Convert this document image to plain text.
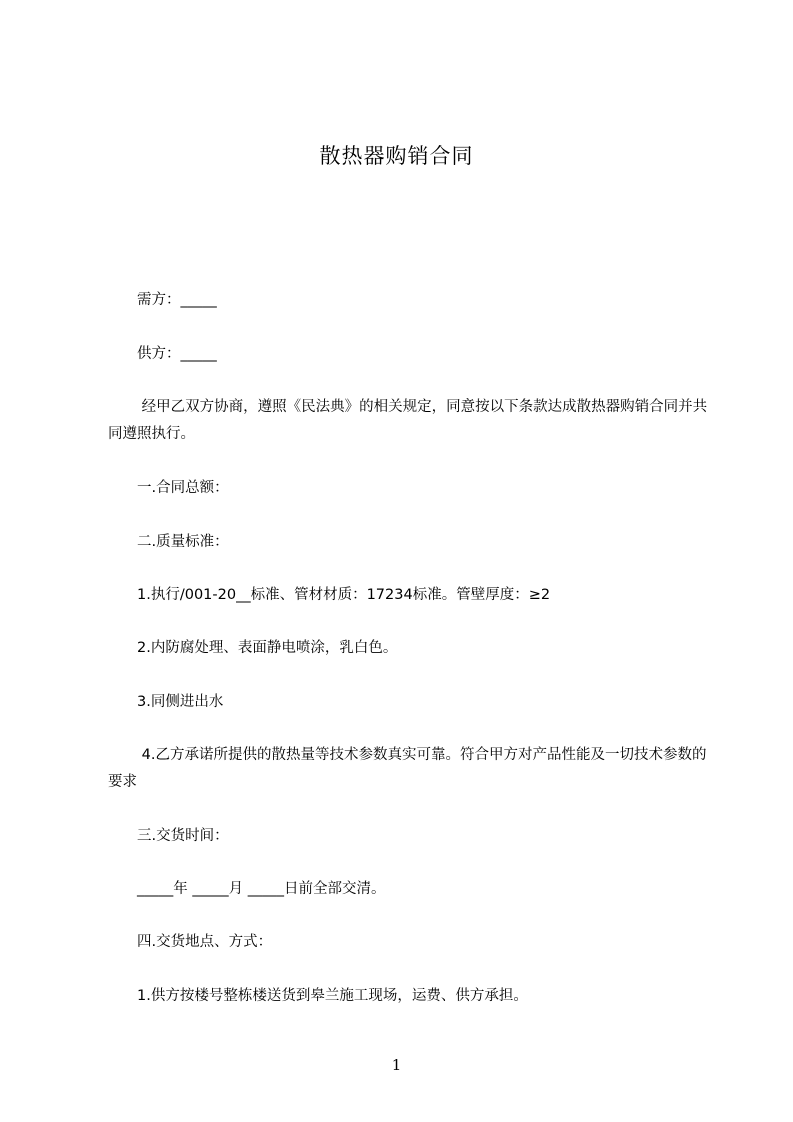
散热器购销合同

需方：_____

供方：_____

经甲乙双方协商，遵照《民法典》的相关规定，同意按以下条款达成散热器购销合同并共同遵照执行。

一.合同总额：

二.质量标准：

1.执行/001-20__标准、管材材质：17234标准。管壁厚度：≥2

2.内防腐处理、表面静电喷涂，乳白色。

3.同侧进出水

4.乙方承诺所提供的散热量等技术参数真实可靠。符合甲方对产品性能及一切技术参数的要求

三.交货时间：

_____年 _____月 _____日前全部交清。

四.交货地点、方式：

1.供方按楼号整栋楼送货到皋兰施工现场，运费、供方承担。

1
